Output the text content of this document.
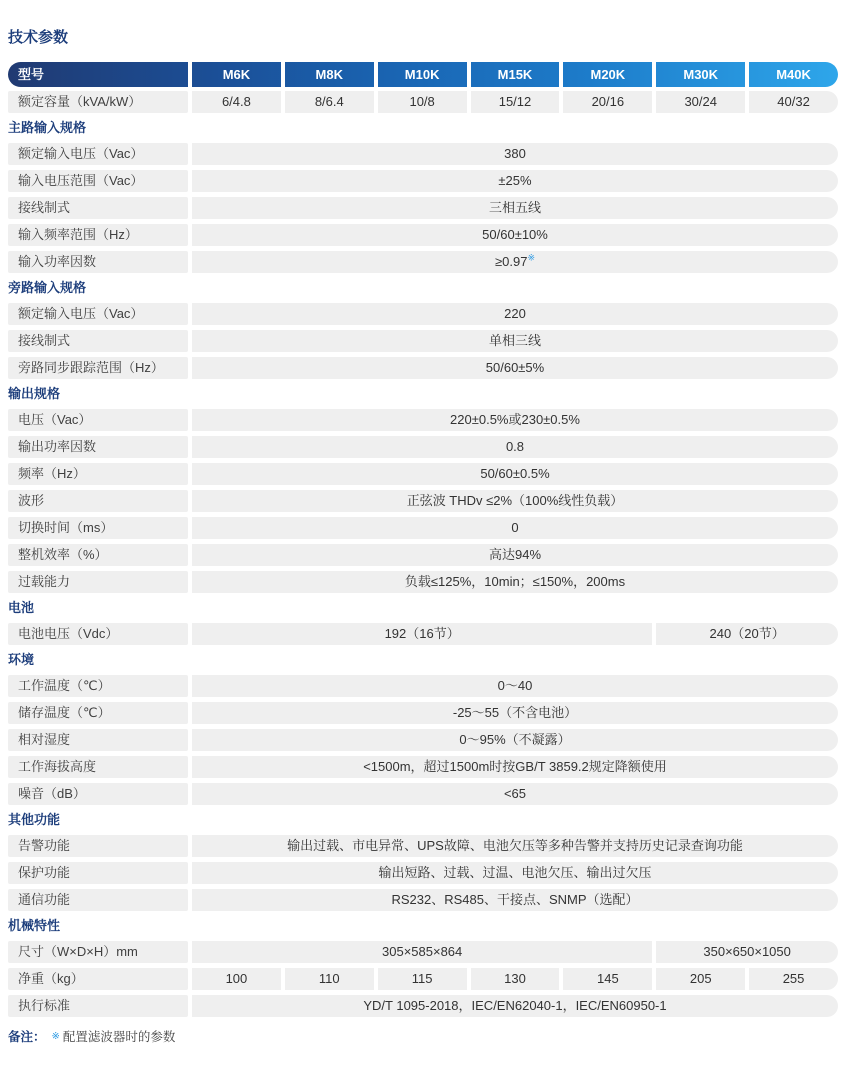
技术参数
型号	M6K	M8K	M10K	M15K	M20K	M30K	M40K
额定容量（kVA/kW）	6/4.8	8/6.4	10/8	15/12	20/16	30/24	40/32
主路输入规格
额定输入电压（Vac）	380
输入电压范围（Vac）	±25%
接线制式	三相五线
输入频率范围（Hz）	50/60±10%
输入功率因数	≥0.97※
旁路输入规格
额定输入电压（Vac）	220
接线制式	单相三线
旁路同步跟踪范围（Hz）	50/60±5%
输出规格
电压（Vac）	220±0.5%或230±0.5%
输出功率因数	0.8
频率（Hz）	50/60±0.5%
波形	正弦波 THDv ≤2%（100%线性负载）
切换时间（ms）	0
整机效率（%）	高达94%
过载能力	负载≤125%，10min；≤150%，200ms
电池
电池电压（Vdc）	192（16节）	240（20节）
环境
工作温度（℃）	0～40
储存温度（℃）	-25～55（不含电池）
相对湿度	0～95%（不凝露）
工作海拔高度	<1500m，超过1500m时按GB/T 3859.2规定降额使用
噪音（dB）	<65
其他功能
告警功能	输出过载、市电异常、UPS故障、电池欠压等多种告警并支持历史记录查询功能
保护功能	输出短路、过载、过温、电池欠压、输出过欠压
通信功能	RS232、RS485、干接点、SNMP（选配）
机械特性
尺寸（W×D×H）mm	305×585×864	350×650×1050
净重（kg）	100	110	115	130	145	205	255
执行标准	YD/T 1095-2018，IEC/EN62040-1，IEC/EN60950-1
备注： ※ 配置滤波器时的参数
